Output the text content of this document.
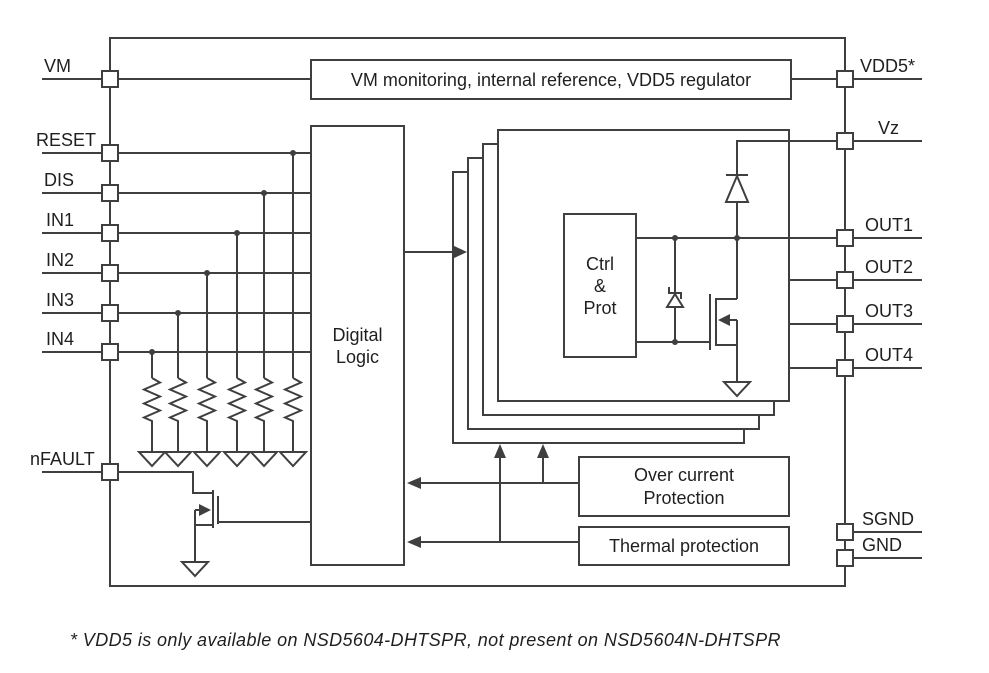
VM monitoring, internal reference, VDD5 regulator
Digital Logic
Ctrl & Prot
Over current Protection
Thermal protection
VM
RESET
DIS
IN1
IN2
IN3
IN4
nFAULT
VDD5*
Vz
OUT1
OUT2
OUT3
OUT4
SGND
GND
* VDD5 is only available on NSD5604-DHTSPR, not present on NSD5604N-DHTSPR
